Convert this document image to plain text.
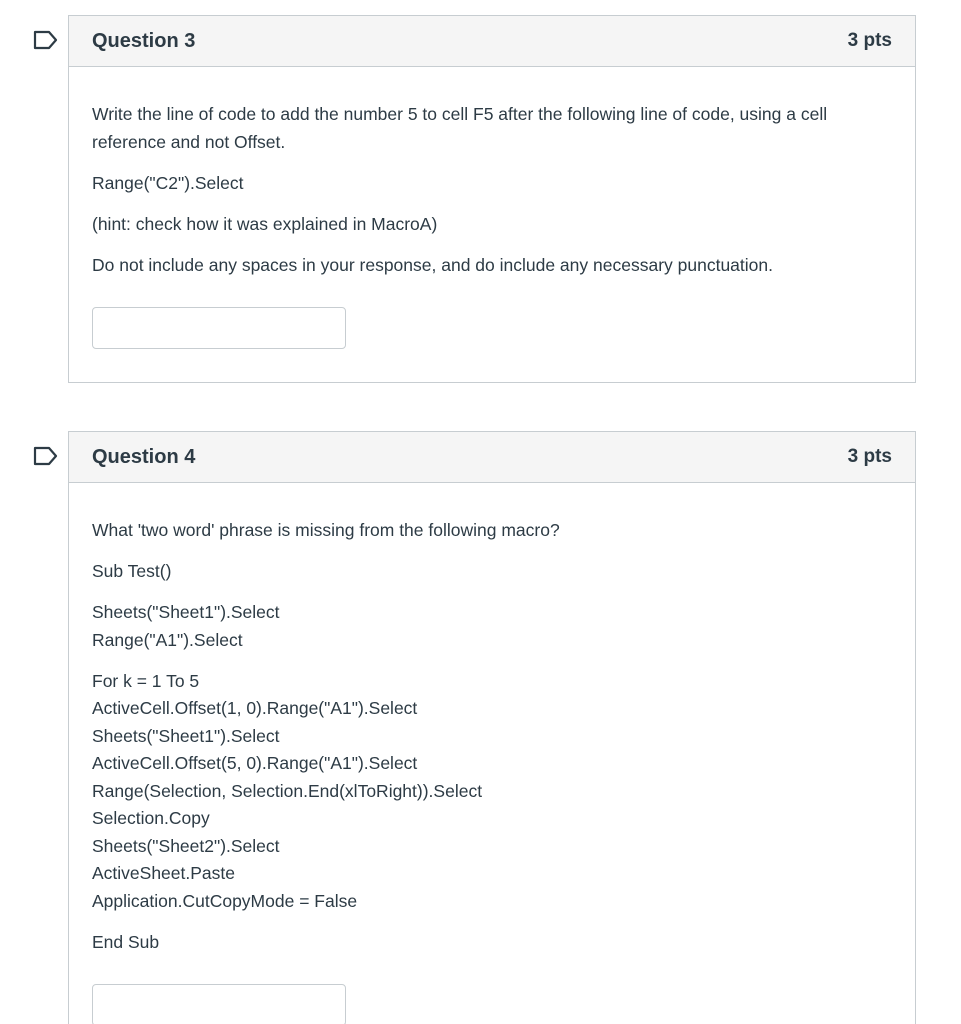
Question 3	3 pts

Write the line of code to add the number 5 to cell F5 after the following line of code, using a cell
reference and not Offset.

Range("C2").Select

(hint: check how it was explained in MacroA)

Do not include any spaces in your response, and do include any necessary punctuation.

Question 4	3 pts

What 'two word' phrase is missing from the following macro?

Sub Test()

Sheets("Sheet1").Select
Range("A1").Select

For k = 1 To 5
ActiveCell.Offset(1, 0).Range("A1").Select
Sheets("Sheet1").Select
ActiveCell.Offset(5, 0).Range("A1").Select
Range(Selection, Selection.End(xlToRight)).Select
Selection.Copy
Sheets("Sheet2").Select
ActiveSheet.Paste
Application.CutCopyMode = False

End Sub
